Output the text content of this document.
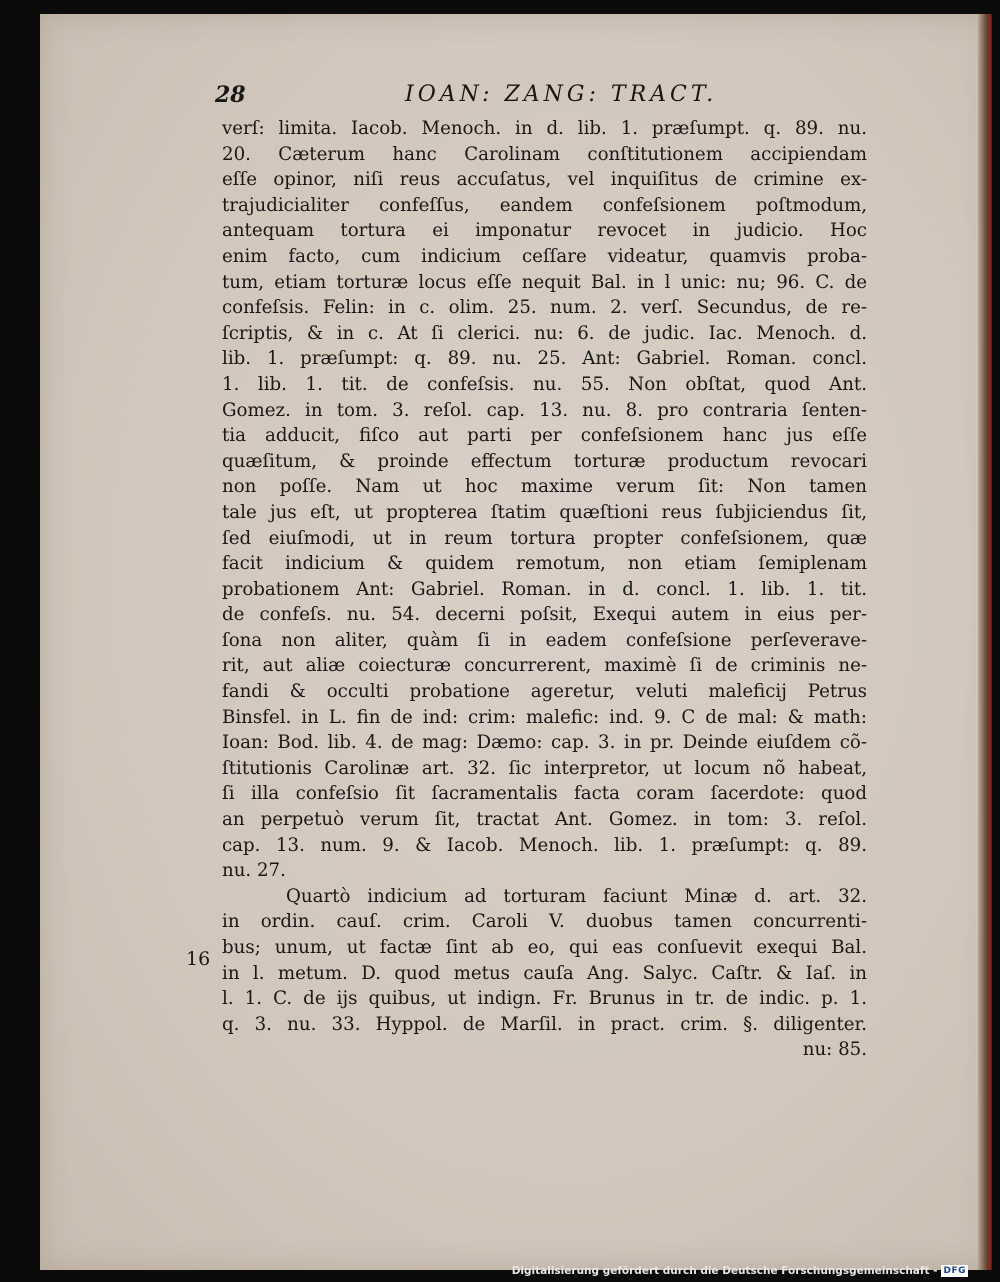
28	IOAN: ZANG: TRACT.
16
verſ: limita. Iacob. Menoch. in d. lib. 1. præſumpt. q. 89. nu.
20. Cæterum hanc Carolinam conſtitutionem accipiendam
eſſe opinor, niſi reus accuſatus, vel inquiſitus de crimine ex-
trajudicialiter confeſſus, eandem confeſsionem poſtmodum,
antequam tortura ei imponatur revocet in judicio. Hoc
enim facto, cum indicium ceſſare videatur, quamvis proba-
tum, etiam torturæ locus eſſe nequit Bal. in l unic: nu; 96. C. de
confeſsis. Felin: in c. olim. 25. num. 2. verſ. Secundus, de re-
ſcriptis, & in c. At ſi clerici. nu: 6. de judic. Iac. Menoch. d.
lib. 1. præſumpt: q. 89. nu. 25. Ant: Gabriel. Roman. concl.
1. lib. 1. tit. de confeſsis. nu. 55. Non obſtat, quod Ant.
Gomez. in tom. 3. reſol. cap. 13. nu. 8. pro contraria ſenten-
tia adducit, fiſco aut parti per confeſsionem hanc jus eſſe
quæſitum, & proinde effectum torturæ productum revocari
non poſſe. Nam ut hoc maxime verum ſit: Non tamen
tale jus eſt, ut propterea ſtatim quæſtioni reus ſubjiciendus ſit,
ſed eiuſmodi, ut in reum tortura propter confeſsionem, quæ
facit indicium & quidem remotum, non etiam ſemiplenam
probationem Ant: Gabriel. Roman. in d. concl. 1. lib. 1. tit.
de confeſs. nu. 54. decerni poſsit, Exequi autem in eius per-
ſona non aliter, quàm ſi in eadem confeſsione perſeverave-
rit, aut aliæ coiecturæ concurrerent, maximè ſi de criminis ne-
fandi & occulti probatione ageretur, veluti maleficij Petrus
Binsfel. in L. fin de ind: crim: malefic: ind. 9. C de mal: & math:
Ioan: Bod. lib. 4. de mag: Dæmo: cap. 3. in pr. Deinde eiuſdem cõ-
ſtitutionis Carolinæ art. 32. ſic interpretor, ut locum nõ habeat,
ſi illa confeſsio ſit ſacramentalis facta coram ſacerdote: quod
an perpetuò verum ſit, tractat Ant. Gomez. in tom: 3. reſol.
cap. 13. num. 9. & Iacob. Menoch. lib. 1. præſumpt: q. 89.
nu. 27.
Quartò indicium ad torturam faciunt Minæ d. art. 32.
in ordin. cauſ. crim. Caroli V. duobus tamen concurrenti-
bus; unum, ut factæ ſint ab eo, qui eas conſuevit exequi Bal.
in l. metum. D. quod metus cauſa Ang. Salyc. Caſtr. & Iaſ. in
l. 1. C. de ijs quibus, ut indign. Fr. Brunus in tr. de indic. p. 1.
q. 3. nu. 33. Hyppol. de Marſil. in pract. crim. §. diligenter.
nu: 85.
Digitalisierung gefördert durch die Deutsche Forschungsgemeinschaft - DFG
